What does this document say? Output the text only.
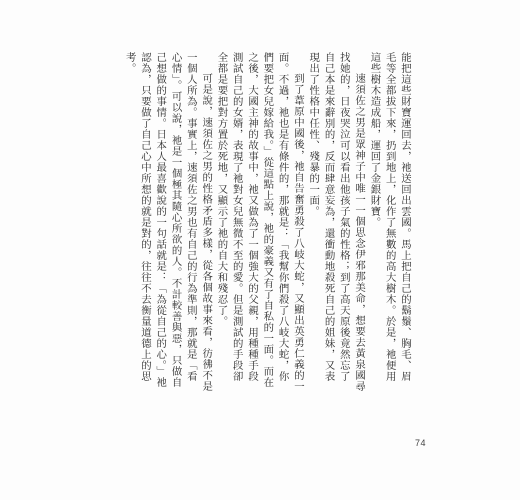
能把這些財寶運回去，衪送回出雲國。馬上把自己的鬍鬚、胸毛、眉毛等全都拔下來，扔到地上，化作了無數的高大樹木。於是，衪便用這些樹木造成船，運回了金銀財寶。

速須佐之男是眾神子中唯一一個思念伊邪那美命，想要去黃泉國尋找她的，日夜哭泣可以看出他孩子氣的性格；到了高天原後竟然忘了自己本是來辭別的，反而肆意妄為，還衝動地殺死自己的姐妹，又表現出了性格中任性、殘暴的一面。

到了葦原中國後，衪自告奮勇殺了八岐大蛇，又顯出英勇仁義的一面。不過，衪也是有條件的，那就是：「我幫你們殺了八岐大蛇，你們要把女兒嫁給我。」從這點上說，衪的豪義又有了自私的一面。而在之後，大國主神的故事中，衪又做為了一個強大的父親，用種種手段測試自己的女婿，表現了衪對女兒無微不至的愛。但是測試的手段卻全都是要把對方置於死地，又顯示了衪的自大和殘忍了。

可是說，速須佐之男的性格矛盾多樣，從各個故事來看，彷彿不是一個人所為。事實上，速須佐之男也有自己的行為準則，那就是「看心情」。可以說，衪是一個極其隨心所欲的人。不計較善與惡，只做自己想做的事情。日本人最喜歡說的一句話就是：「為從自己的心。」衪認為，只要做了自己心中所想的就是對的，往往不去衡量道德上的思考。

74
